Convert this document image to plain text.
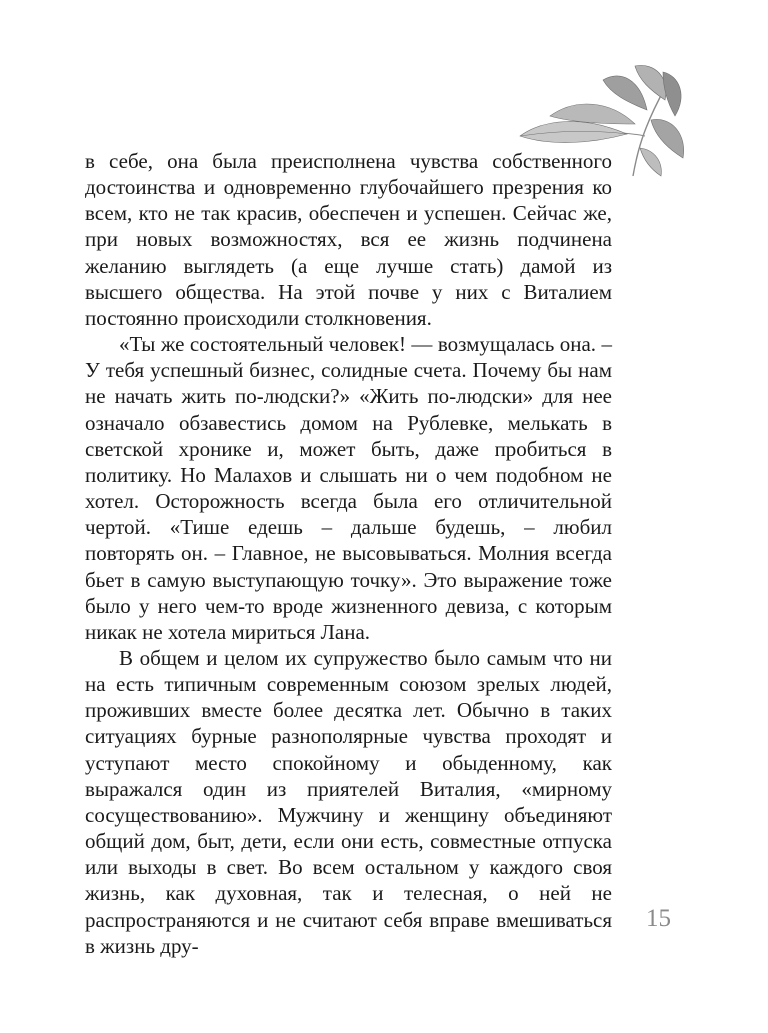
в себе, она была преисполнена чувства собственного достоинства и одновременно глубочайшего презрения ко всем, кто не так красив, обеспечен и успешен. Сейчас же, при новых возможностях, вся ее жизнь подчинена желанию выглядеть (а еще лучше стать) дамой из высшего общества. На этой почве у них с Виталием постоянно происходили столкновения.

«Ты же состоятельный человек! — возмущалась она. – У тебя успешный бизнес, солидные счета. Почему бы нам не начать жить по-людски?» «Жить по-людски» для нее означало обзавестись домом на Рублевке, мелькать в светской хронике и, может быть, даже пробиться в политику. Но Малахов и слышать ни о чем подобном не хотел. Осторожность всегда была его отличительной чертой. «Тише едешь – дальше будешь, – любил повторять он. – Главное, не высовываться. Молния всегда бьет в самую выступающую точку». Это выражение тоже было у него чем-то вроде жизненного девиза, с которым никак не хотела мириться Лана.

В общем и целом их супружество было самым что ни на есть типичным современным союзом зрелых людей, проживших вместе более десятка лет. Обычно в таких ситуациях бурные разнополярные чувства проходят и уступают место спокойному и обыденному, как выражался один из приятелей Виталия, «мирному сосуществованию». Мужчину и женщину объединяют общий дом, быт, дети, если они есть, совместные отпуска или выходы в свет. Во всем остальном у каждого своя жизнь, как духовная, так и телесная, о ней не распространяются и не считают себя вправе вмешиваться в жизнь дру-

15
